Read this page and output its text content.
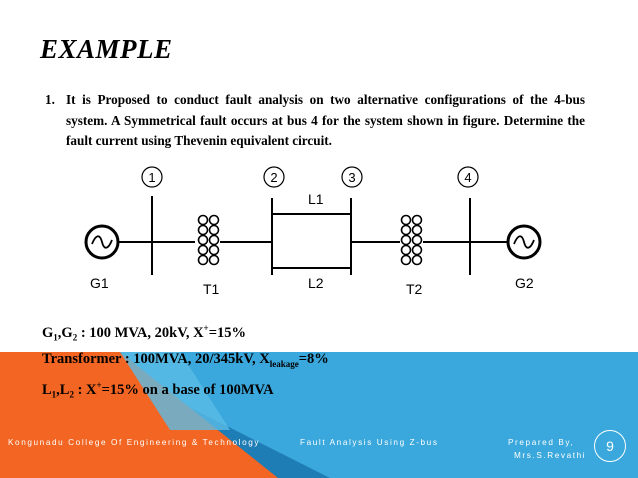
EXAMPLE
1. It is Proposed to conduct fault analysis on two alternative configurations of the 4-bus system. A Symmetrical fault occurs at bus 4 for the system shown in figure. Determine the fault current using Thevenin equivalent circuit.
1	2	3	4
G1	T1
L1
L2	T2	G2
$G_1,G_2$ : 100 MVA, 20kV, X+=15%
Transformer : 100MVA, 20/345kV, $X_{leakage}=8\%$
$L_1,L_2$ : X+=15% on a base of 100MVA
Kongunadu College Of Engineering & Technology	Fault Analysis Using Z-bus	Prepared By,
Mrs.S.Revathi
9
